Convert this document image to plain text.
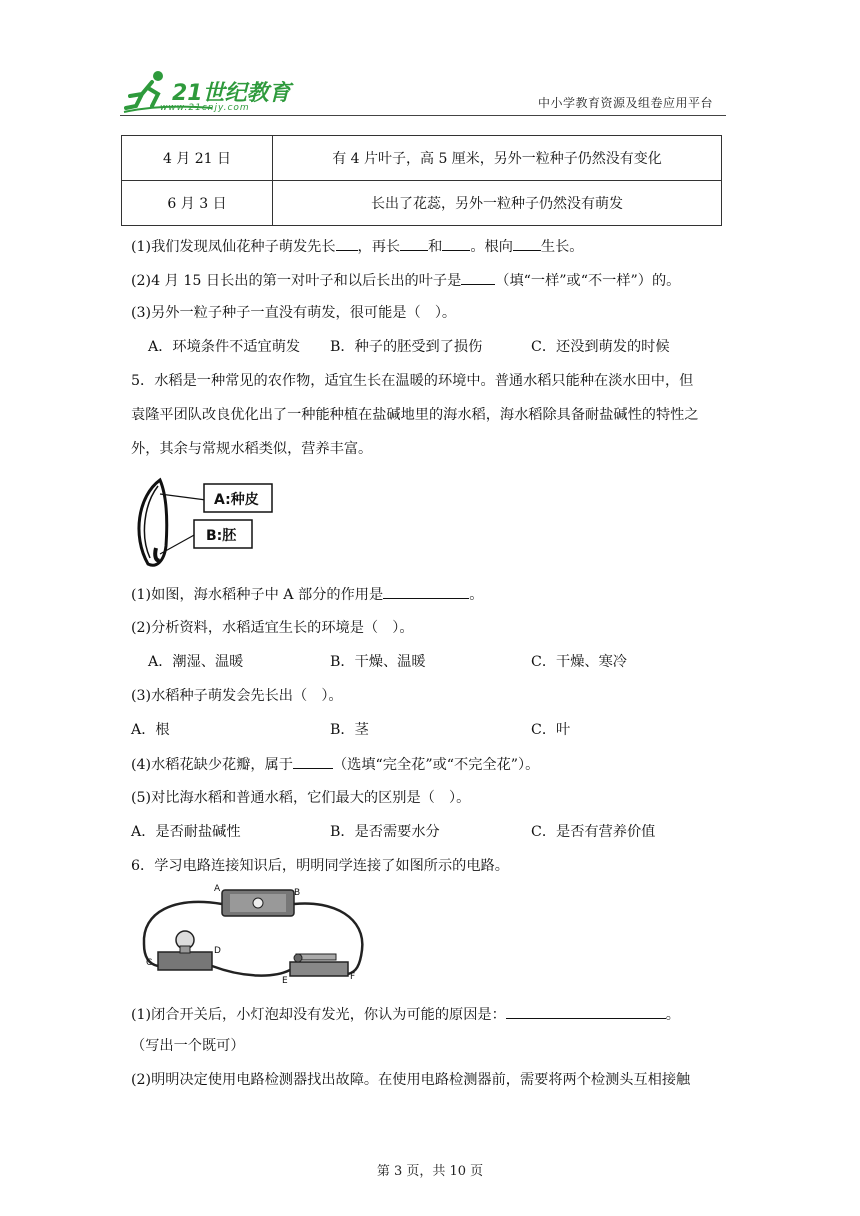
21世纪教育
www.21cnjy.com	中小学教育资源及组卷应用平台
4 月 21 日	有 4 片叶子，高 5 厘米，另外一粒种子仍然没有变化
6 月 3 日	长出了花蕊，另外一粒种子仍然没有萌发
(1)我们发现凤仙花种子萌发先长 ，再长 和 。根向 生长。
(2)4 月 15 日长出的第一对叶子和以后长出的叶子是 （填“一样”或“不一样”）的。
(3)另外一粒子种子一直没有萌发，很可能是（　）。
A．环境条件不适宜萌发 B．种子的胚受到了损伤	C．还没到萌发的时候
5．水稻是一种常见的农作物，适宜生长在温暖的环境中。普通水稻只能种在淡水田中，但
袁隆平团队改良优化出了一种能种植在盐碱地里的海水稻，海水稻除具备耐盐碱性的特性之
外，其余与常规水稻类似，营养丰富。
A:种皮
B:胚
(1)如图，海水稻种子中 A 部分的作用是	。
(2)分析资料，水稻适宜生长的环境是（　）。
A．潮湿、温暖	B．干燥、温暖	C．干燥、寒冷
(3)水稻种子萌发会先长出（　）。
A．根	B．茎	C．叶
(4)水稻花缺少花瓣，属于	（选填“完全花”或“不完全花”）。
(5)对比海水稻和普通水稻，它们最大的区别是（　）。
A．是否耐盐碱性	B．是否需要水分	C．是否有营养价值
6．学习电路连接知识后，明明同学连接了如图所示的电路。
A	B
C
D
E	F
(1)闭合开关后，小灯泡却没有发光，你认为可能的原因是：	。
（写出一个既可）
(2)明明决定使用电路检测器找出故障。在使用电路检测器前，需要将两个检测头互相接触
第 3 页，共 10 页
